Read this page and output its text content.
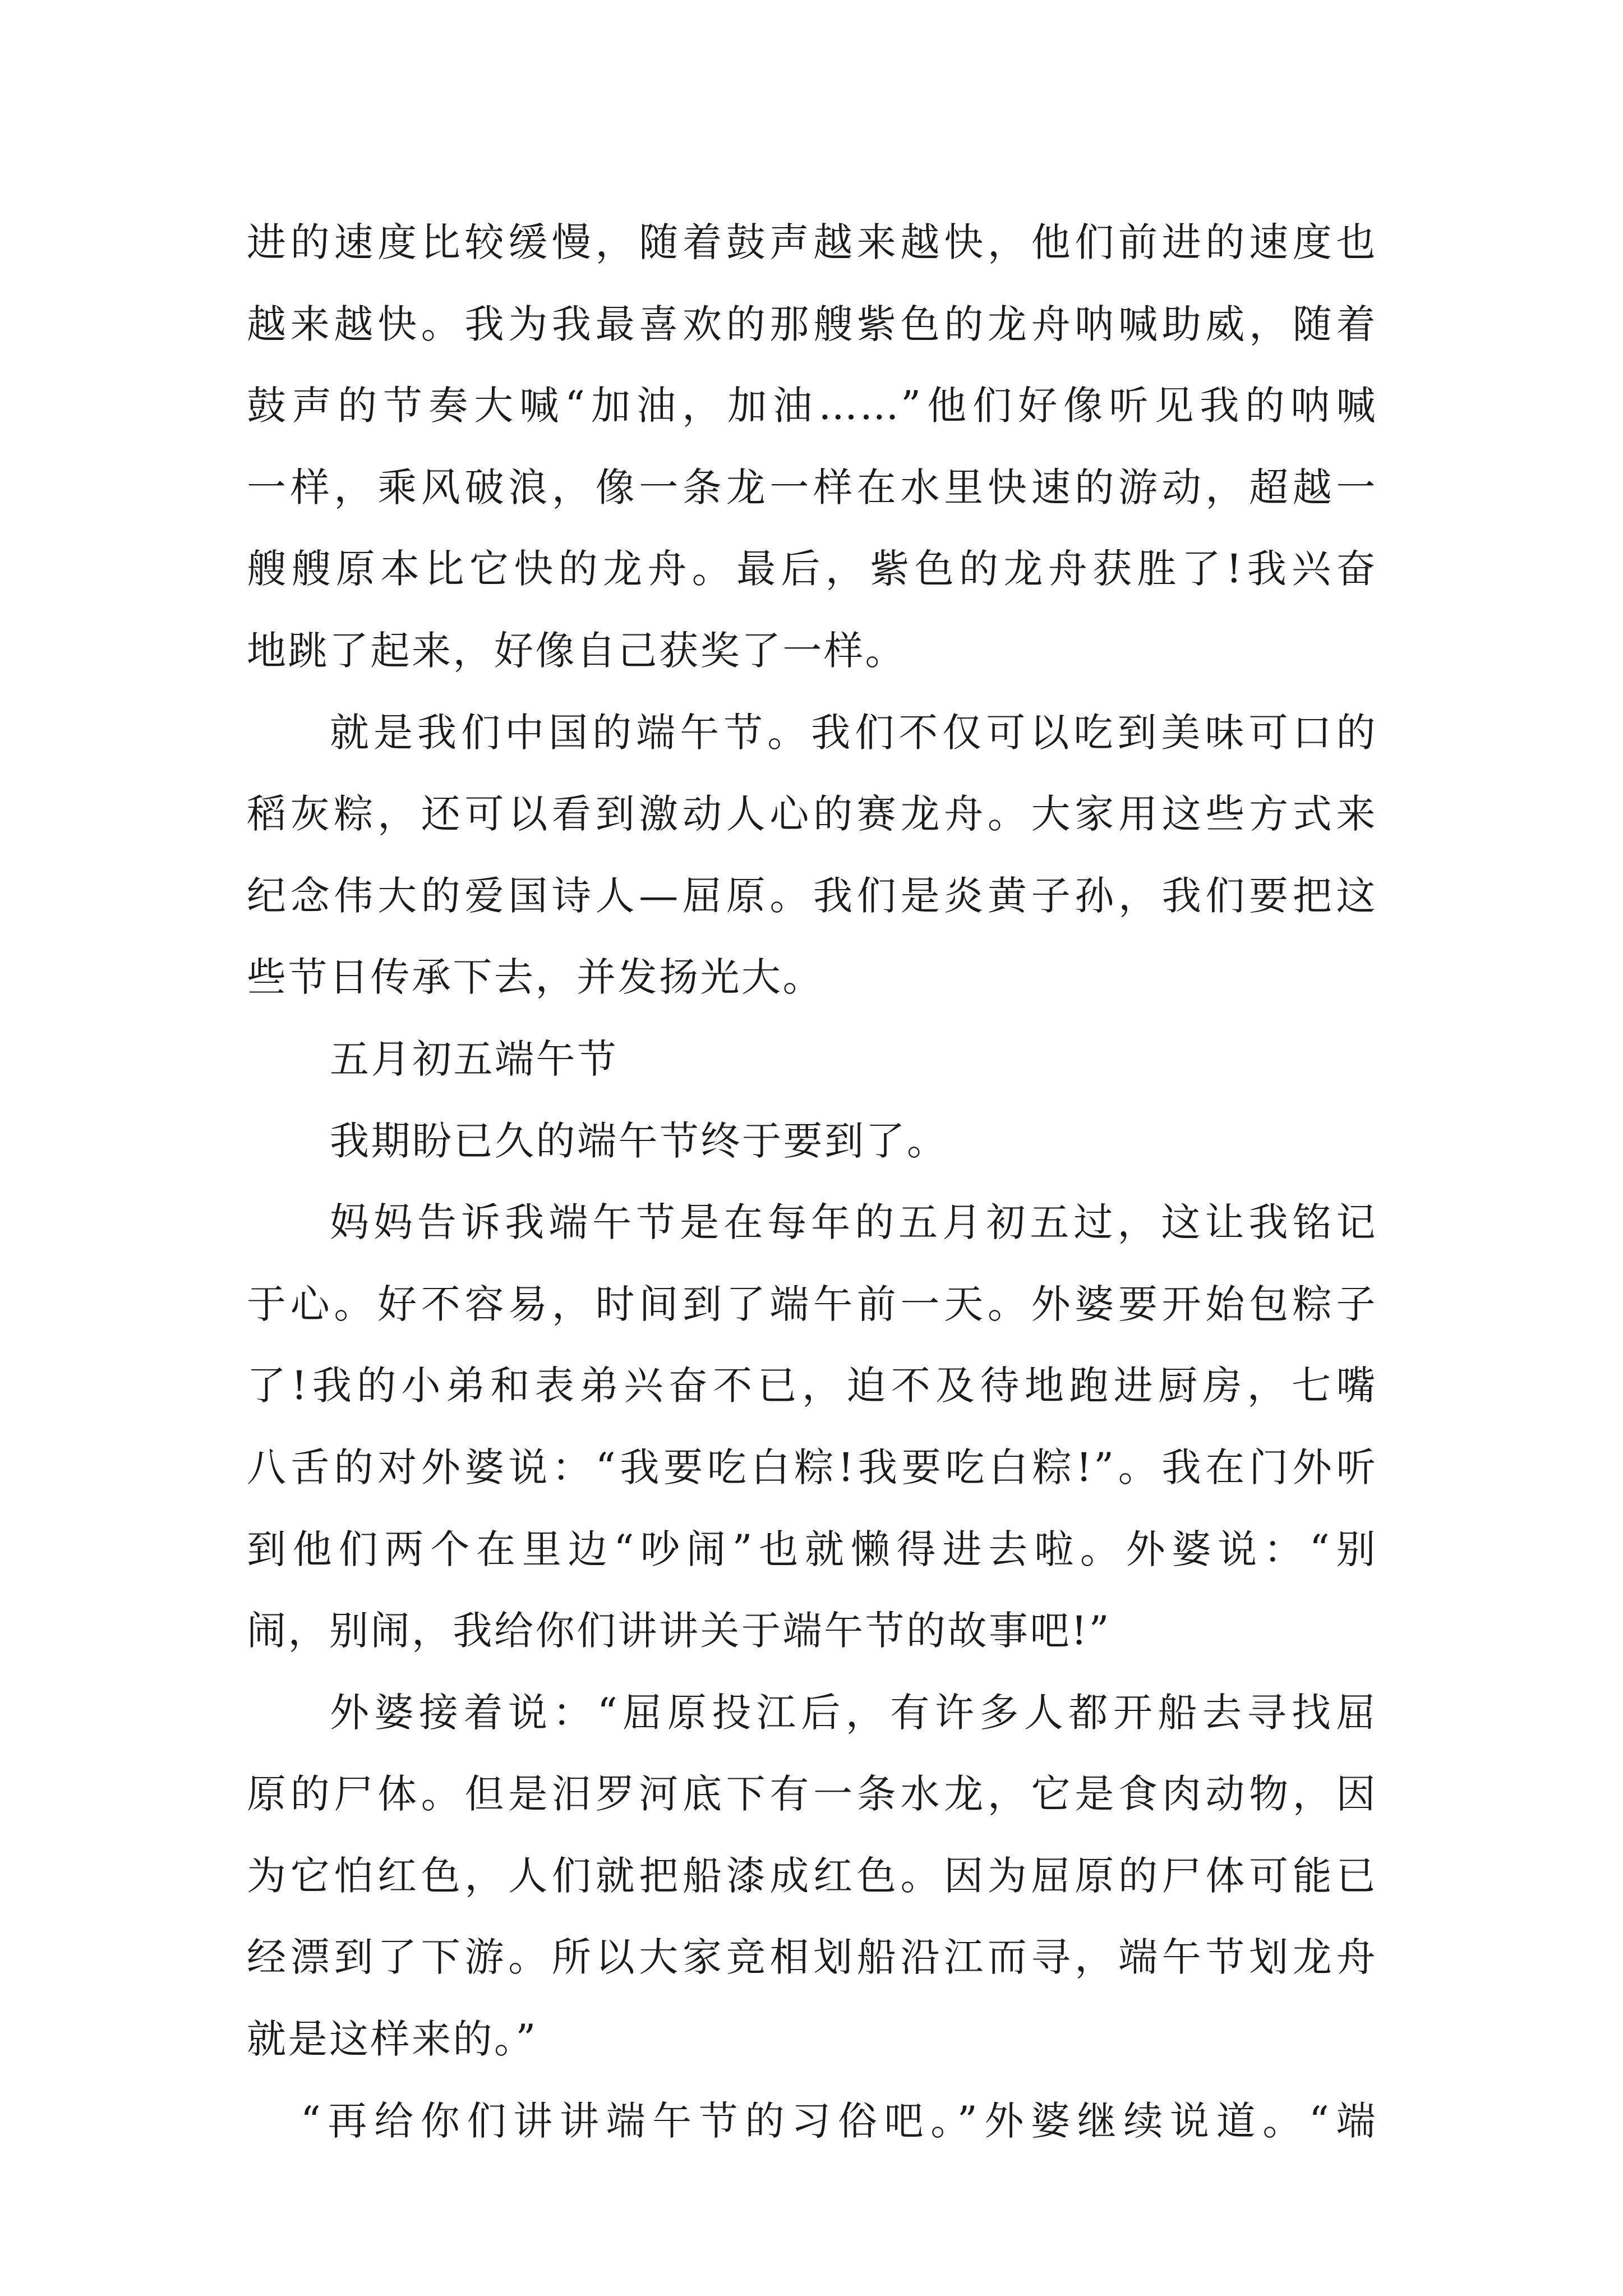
进的速度比较缓慢，随着鼓声越来越快，他们前进的速度也
越来越快。我为我最喜欢的那艘紫色的龙舟呐喊助威，随着
鼓声的节奏大喊“加油，加油……”他们好像听见我的呐喊
一样，乘风破浪，像一条龙一样在水里快速的游动，超越一
艘艘原本比它快的龙舟。最后，紫色的龙舟获胜了!我兴奋
地跳了起来，好像自己获奖了一样。
就是我们中国的端午节。我们不仅可以吃到美味可口的
稻灰粽，还可以看到激动人心的赛龙舟。大家用这些方式来
纪念伟大的爱国诗人—屈原。我们是炎黄子孙，我们要把这
些节日传承下去，并发扬光大。
五月初五端午节
我期盼已久的端午节终于要到了。
妈妈告诉我端午节是在每年的五月初五过，这让我铭记
于心。好不容易，时间到了端午前一天。外婆要开始包粽子
了!我的小弟和表弟兴奋不已，迫不及待地跑进厨房，七嘴
八舌的对外婆说：“我要吃白粽!我要吃白粽!”。我在门外听
到他们两个在里边“吵闹”也就懒得进去啦。外婆说：“别
闹，别闹，我给你们讲讲关于端午节的故事吧!”
外婆接着说：“屈原投江后，有许多人都开船去寻找屈
原的尸体。但是汨罗河底下有一条水龙，它是食肉动物，因
为它怕红色，人们就把船漆成红色。因为屈原的尸体可能已
经漂到了下游。所以大家竞相划船沿江而寻，端午节划龙舟
就是这样来的。”
“再给你们讲讲端午节的习俗吧。”外婆继续说道。“端
